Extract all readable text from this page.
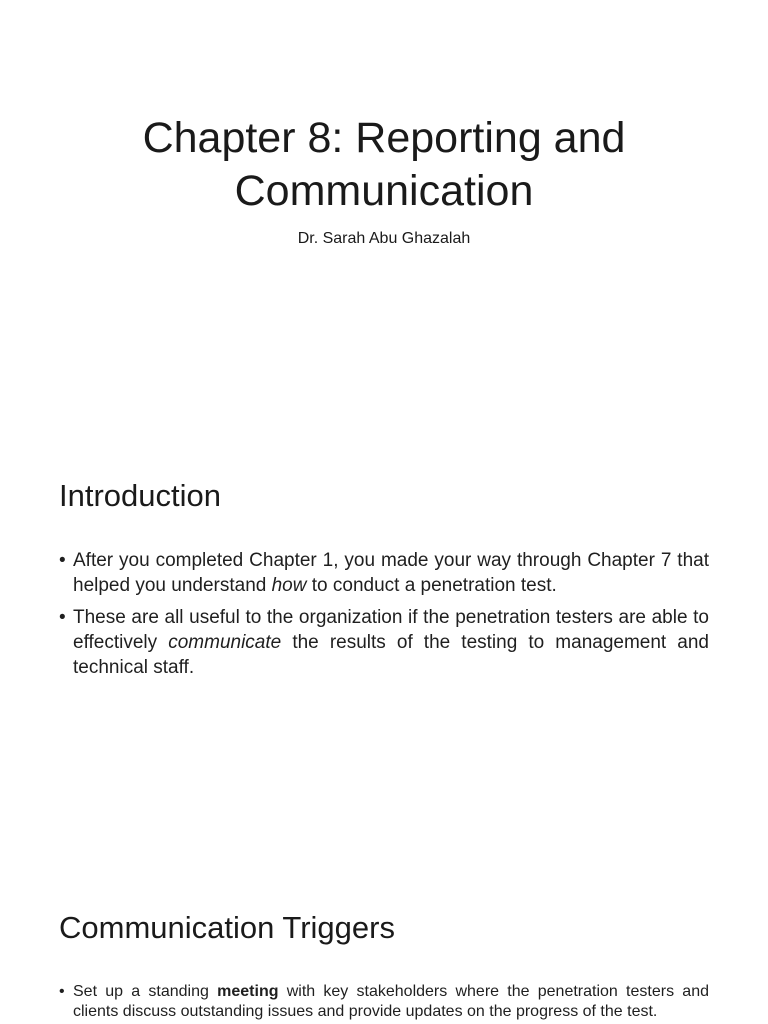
Chapter 8: Reporting and Communication

Dr. Sarah Abu Ghazalah

Introduction
• After you completed Chapter 1, you made your way through Chapter 7 that helped you understand how to conduct a penetration test.
• These are all useful to the organization if the penetration testers are able to effectively communicate the results of the testing to management and technical staff.
Communication Triggers
• Set up a standing meeting with key stakeholders where the penetration testers and clients discuss outstanding issues and provide updates on the progress of the test.
